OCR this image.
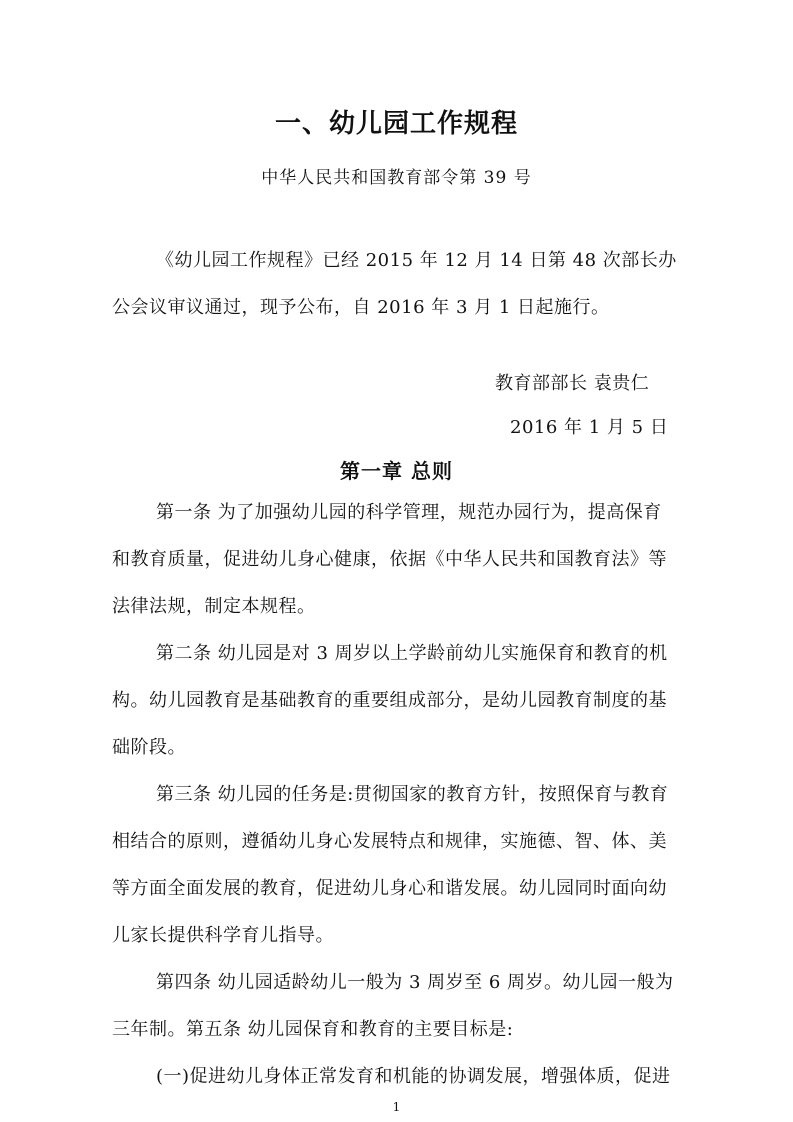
一、幼儿园工作规程
中华人民共和国教育部令第 39 号
《幼儿园工作规程》已经 2015 年 12 月 14 日第 48 次部长办
公会议审议通过，现予公布，自 2016 年 3 月 1 日起施行。
教育部部长 袁贵仁
2016 年 1 月 5 日
第一章 总则
第一条 为了加强幼儿园的科学管理，规范办园行为，提高保育
和教育质量，促进幼儿身心健康，依据《中华人民共和国教育法》等
法律法规，制定本规程。
第二条 幼儿园是对 3 周岁以上学龄前幼儿实施保育和教育的机
构。幼儿园教育是基础教育的重要组成部分，是幼儿园教育制度的基
础阶段。
第三条 幼儿园的任务是:贯彻国家的教育方针，按照保育与教育
相结合的原则，遵循幼儿身心发展特点和规律，实施德、智、体、美
等方面全面发展的教育，促进幼儿身心和谐发展。幼儿园同时面向幼
儿家长提供科学育儿指导。
第四条 幼儿园适龄幼儿一般为 3 周岁至 6 周岁。幼儿园一般为
三年制。第五条 幼儿园保育和教育的主要目标是:
(一)促进幼儿身体正常发育和机能的协调发展，增强体质，促进
1
